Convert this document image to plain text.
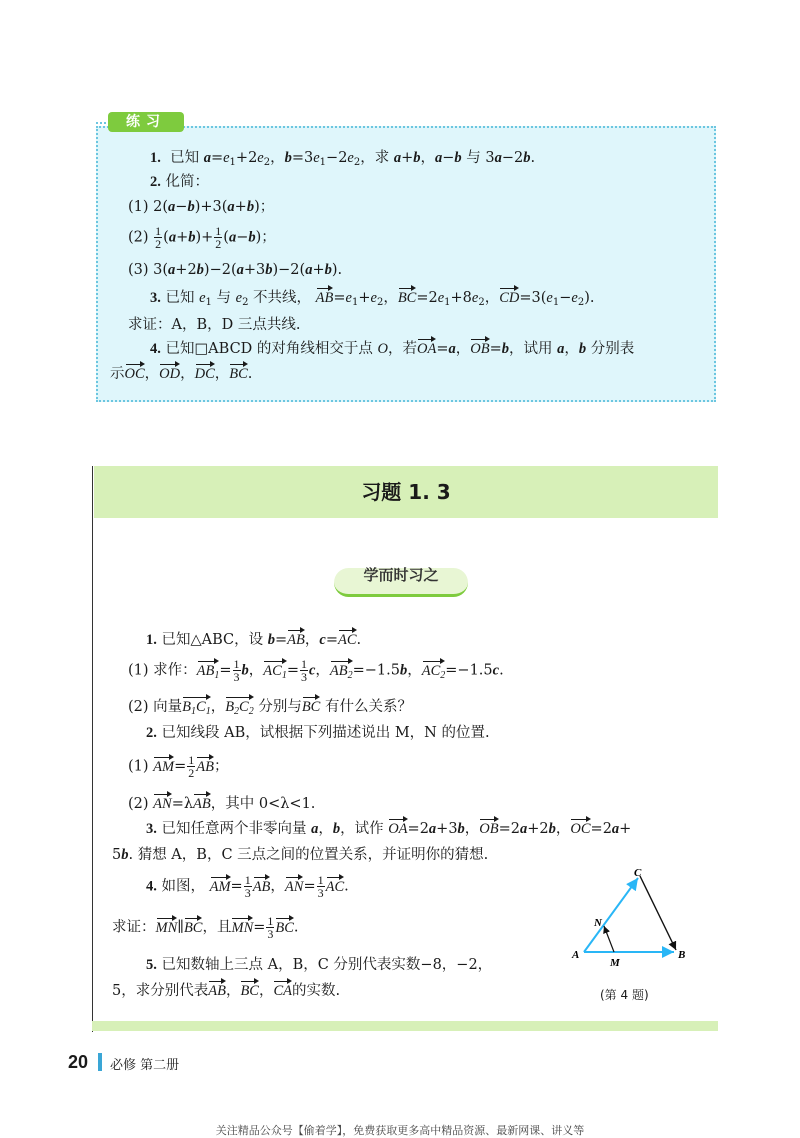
练习
1. 已知 $a=e_1+2e_2$，$b=3e_1-2e_2$，求 a+b，a−b 与 3a−2b.
2. 化简：
(1) 2(a−b)+3(a+b)；
$(2) \frac{1}{2} (a+b)+ \frac{1}{2} (a-b)$；
(3) 3(a+2b)−2(a+3b)−2(a+b).
3. 已知 $e_1$ 与 $e_2$ 不共线， $AB=e_1+e_2$，$BC=2e_1+8e_2$，$CD=3(e_1-e_2)$.
求证：A，B，D 三点共线.
4. 已知□ABCD 的对角线相交于点 O，若OA=a，OB=b，试用 a，b 分别表
示OC，OD，DC，BC.
习题 1. 3
学而时习之
1. 已知△ABC，设 b=AB，c=AC.
(1) 求作：$AB_1= \frac{1}{3}$ b，$AC_1= \frac{1}{3}$ c，$AB_2=-1.5b$，$AC_2=-1.5c$.
(2) 向量$B_1C_1$，$B_2C_2$ 分别与BC 有什么关系？
2. 已知线段 AB，试根据下列描述说出 M，N 的位置.
(1) $AM= \frac{1}{2}$ AB；
(2) AN=λAB，其中 0<λ<1.
3. 已知任意两个非零向量 a，b，试作 OA=2a+3b，OB=2a+2b，OC=2a+
5b. 猜想 A，B，C 三点之间的位置关系，并证明你的猜想.
4. 如图， $AM= \frac{1}{3}$ AB，$AN= \frac{1}{3}$ AC.
求证：MN∥BC，且$MN= \frac{1}{3}$ BC.
5. 已知数轴上三点 A，B，C 分别代表实数−8，−2，
5，求分别代表AB，BC，CA的实数.
C
N
A
M
B
(第 4 题)
20 必修 第二册
关注精品公众号【偷着学】，免费获取更多高中精品资源、最新网课、讲义等
